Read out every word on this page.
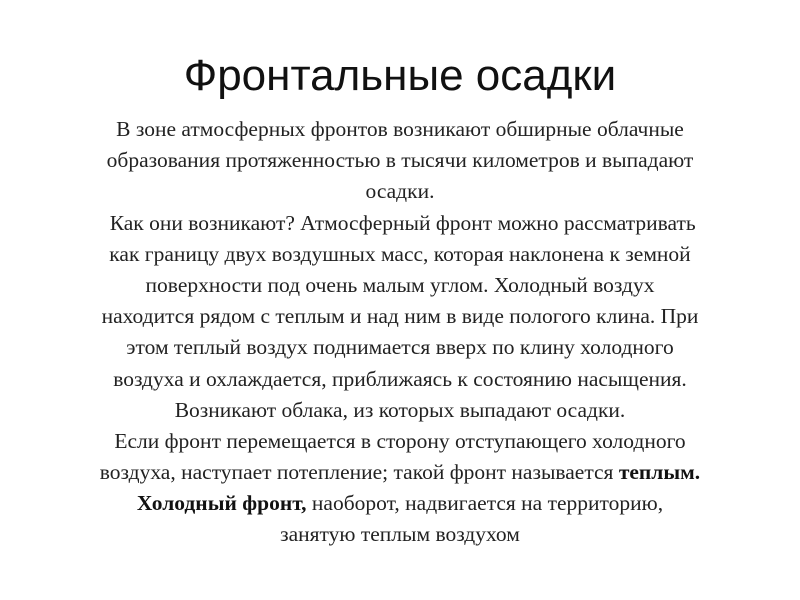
Фронтальные осадки
В зоне атмосферных фронтов возникают обширные облачные
образования протяженностью в тысячи километров и выпадают
осадки.
Как они возникают? Атмосферный фронт можно рассматривать
как границу двух воздушных масс, которая наклонена к земной
поверхности под очень малым углом. Холодный воздух
находится рядом с теплым и над ним в виде пологого клина. При
этом теплый воздух поднимается вверх по клину холодного
воздуха и охлаждается, приближаясь к состоянию насыщения.
Возникают облака, из которых выпадают осадки.
Если фронт перемещается в сторону отступающего холодного
воздуха, наступает потепление; такой фронт называется теплым.
Холодный фронт, наоборот, надвигается на территорию,
занятую теплым воздухом
